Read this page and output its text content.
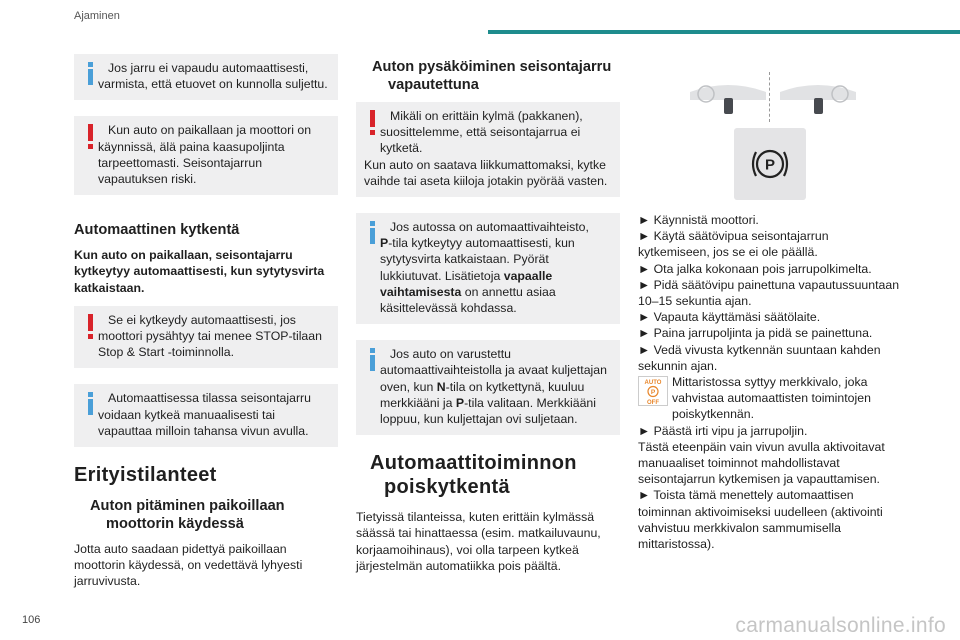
Ajaminen
Jos jarru ei vapaudu automaattisesti, varmista, että etuovet on kunnolla suljettu.
Kun auto on paikallaan ja moottori on käynnissä, älä paina kaasupoljinta tarpeettomasti. Seisontajarrun vapautuksen riski.
Automaattinen kytkentä

Kun auto on paikallaan, seisontajarru kytkeytyy automaattisesti, kun sytytysvirta katkaistaan.

Se ei kytkeydy automaattisesti, jos moottori pysähtyy tai menee STOP-tilaan Stop & Start -toiminnolla.
Automaattisessa tilassa seisontajarru voidaan kytkeä manuaalisesti tai vapauttaa milloin tahansa vivun avulla.
Erityistilanteet
Auton pitäminen paikoillaan moottorin käydessä

Jotta auto saadaan pidettyä paikoillaan moottorin käydessä, on vedettävä lyhyesti jarruvivusta.

Auton pysäköiminen seisontajarru vapautettuna
Mikäli on erittäin kylmä (pakkanen), suosittelemme, että seisontajarrua ei kytketä.
Kun auto on saatava liikkumattomaksi, kytke vaihde tai aseta kiiloja jotakin pyörää vasten.
Jos autossa on automaattivaihteisto,
P-tila kytkeytyy automaattisesti, kun sytytysvirta katkaistaan. Pyörät lukkiutuvat. Lisätietoja vapaalle vaihtamisesta on annettu asiaa käsittelevässä kohdassa.
Jos auto on varustettu automaattivaihteistolla ja avaat kuljettajan oven, kun N-tila on kytkettynä, kuuluu merkkiääni ja P-tila valitaan. Merkkiääni loppuu, kun kuljettajan ovi suljetaan.
Automaattitoiminnon poiskytkentä

Tietyissä tilanteissa, kuten erittäin kylmässä säässä tai hinattaessa (esim. matkailuvaunu, korjaamoihinaus), voi olla tarpeen kytkeä järjestelmän automatiikka pois päältä.

P
► Käynnistä moottori.
► Käytä säätövipua seisontajarrun kytkemiseen, jos se ei ole päällä.
► Ota jalka kokonaan pois jarrupolkimelta.
► Pidä säätövipu painettuna vapautussuuntaan 10–15 sekuntia ajan.
► Vapauta käyttämäsi säätölaite.
► Paina jarrupoljinta ja pidä se painettuna.
► Vedä vivusta kytkennän suuntaan kahden sekunnin ajan.
AUTO
P
OFF
Mittaristossa syttyy merkkivalo, joka vahvistaa automaattisten toimintojen poiskytkennän.
► Päästä irti vipu ja jarrupoljin.
Tästä eteenpäin vain vivun avulla aktivoitavat manuaaliset toiminnot mahdollistavat seisontajarrun kytkemisen ja vapauttamisen.
► Toista tämä menettely automaattisen toiminnan aktivoimiseksi uudelleen (aktivointi vahvistuu merkkivalon sammumisella mittaristossa).
106	carmanualsonline.info
